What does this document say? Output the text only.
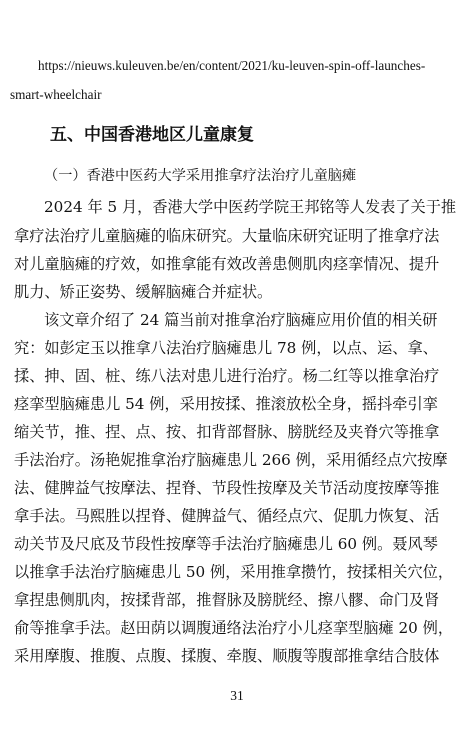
https://nieuws.kuleuven.be/en/content/2021/ku-leuven-spin-off-launches-
smart-wheelchair
五、中国香港地区儿童康复
（一）香港中医药大学采用推拿疗法治疗儿童脑瘫
2024 年 5 月，香港大学中医药学院王邦铭等人发表了关于推
拿疗法治疗儿童脑瘫的临床研究。大量临床研究证明了推拿疗法
对儿童脑瘫的疗效，如推拿能有效改善患侧肌肉痉挛情况、提升
肌力、矫正姿势、缓解脑瘫合并症状。
该文章介绍了 24 篇当前对推拿治疗脑瘫应用价值的相关研
究：如彭定玉以推拿八法治疗脑瘫患儿 78 例，以点、运、拿、
揉、抻、固、桩、练八法对患儿进行治疗。杨二红等以推拿治疗
痉挛型脑瘫患儿 54 例，采用按揉、推滚放松全身，摇抖牵引挛
缩关节，推、捏、点、按、扣背部督脉、膀胱经及夹脊穴等推拿
手法治疗。汤艳妮推拿治疗脑瘫患儿 266 例，采用循经点穴按摩
法、健脾益气按摩法、捏脊、节段性按摩及关节活动度按摩等推
拿手法。马熙胜以捏脊、健脾益气、循经点穴、促肌力恢复、活
动关节及尺底及节段性按摩等手法治疗脑瘫患儿 60 例。聂风琴
以推拿手法治疗脑瘫患儿 50 例，采用推拿攒竹，按揉相关穴位，
拿捏患侧肌肉，按揉背部，推督脉及膀胱经、擦八髎、命门及肾
俞等推拿手法。赵田荫以调腹通络法治疗小儿痉挛型脑瘫 20 例，
采用摩腹、推腹、点腹、揉腹、牵腹、顺腹等腹部推拿结合肢体
31
